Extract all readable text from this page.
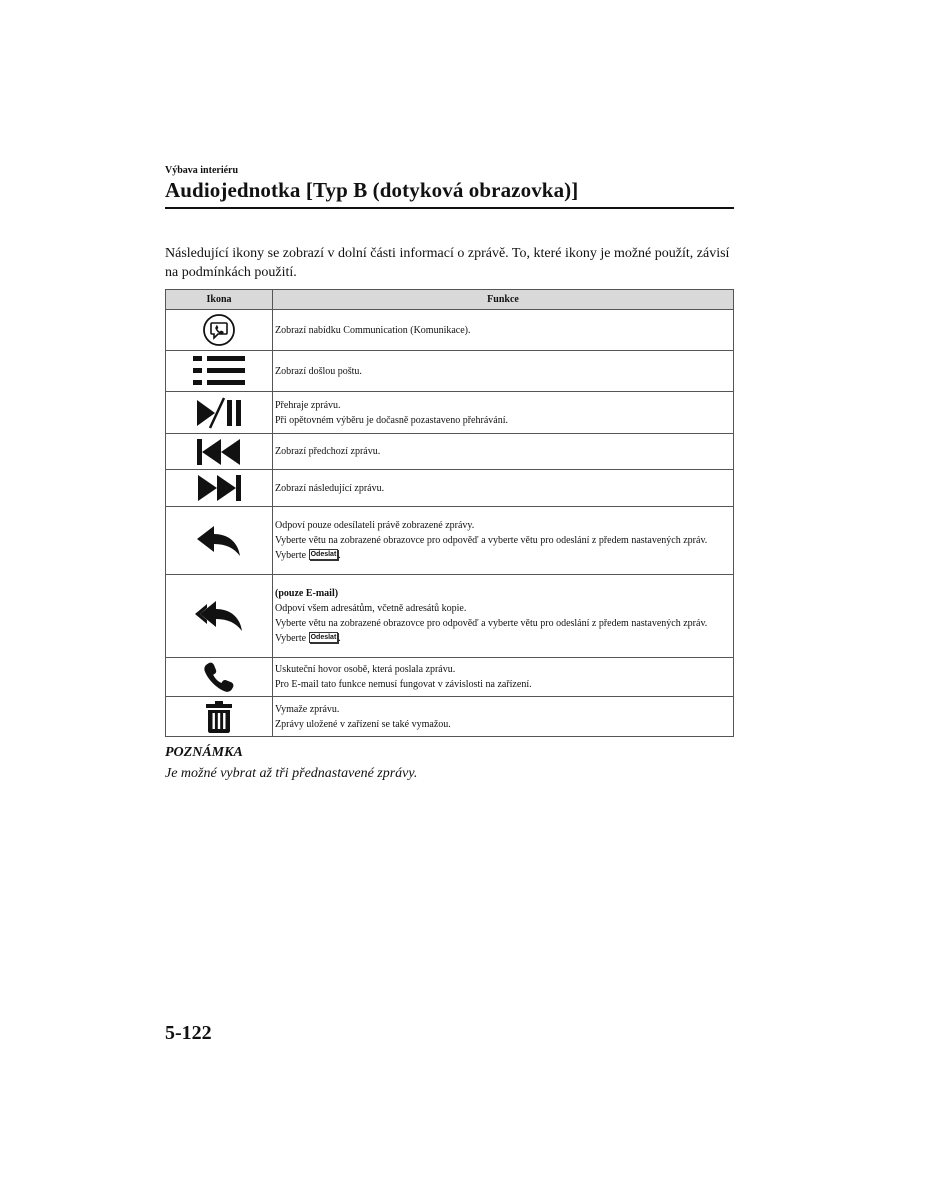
Výbava interiéru
Audiojednotka [Typ B (dotyková obrazovka)]
Následující ikony se zobrazí v dolní části informací o zprávě. To, které ikony je možné použít, závisí na podmínkách použití.
Ikona	Funkce

Zobrazí nabídku Communication (Komunikace).

Zobrazí došlou poštu.

Přehraje zprávu.
Při opětovném výběru je dočasně pozastaveno přehrávání.

Zobrazí předchozí zprávu.

Zobrazí následující zprávu.

Odpoví pouze odesílateli právě zobrazené zprávy.
Vyberte větu na zobrazené obrazovce pro odpověď a vyberte větu pro odeslání z předem nastavených zpráv.
Vyberte Odeslat .

(pouze E-mail)
Odpoví všem adresátům, včetně adresátů kopie.
Vyberte větu na zobrazené obrazovce pro odpověď a vyberte větu pro odeslání z předem nastavených zpráv.
Vyberte Odeslat .

Uskuteční hovor osobě, která poslala zprávu.
Pro E-mail tato funkce nemusí fungovat v závislosti na zařízení.

Vymaže zprávu.
Zprávy uložené v zařízení se také vymažou.
POZNÁMKA
Je možné vybrat až tři přednastavené zprávy.
5-122
